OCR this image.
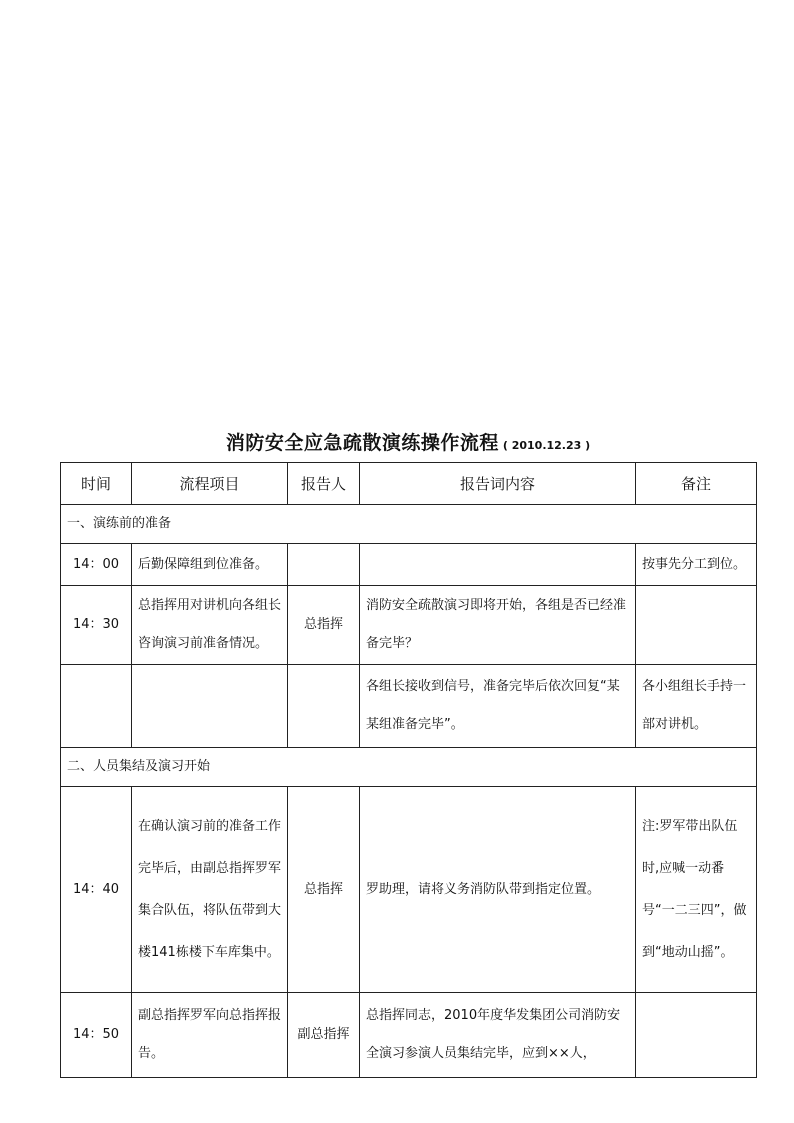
消防安全应急疏散演练操作流程 ( 2010.12.23 )
时间	流程项目	报告人	报告词内容	备注
一、演练前的准备				
14：00	后勤保障组到位准备。			按事先分工到位。
14：30	总指挥用对讲机向各组长咨询演习前准备情况。	总指挥	消防安全疏散演习即将开始，各组是否已经准备完毕？	
			各组长接收到信号，准备完毕后依次回复“某某组准备完毕”。	各小组组长手持一部对讲机。
二、人员集结及演习开始				
14：40	在确认演习前的准备工作完毕后，由副总指挥罗军集合队伍，将队伍带到大楼141栋楼下车库集中。	总指挥	罗助理，请将义务消防队带到指定位置。	注:罗军带出队伍时,应喊一动番号“一二三四”，做到“地动山摇”。
14：50	副总指挥罗军向总指挥报告。	副总指挥	总指挥同志，2010年度华发集团公司消防安全演习参演人员集结完毕，应到××人，	
